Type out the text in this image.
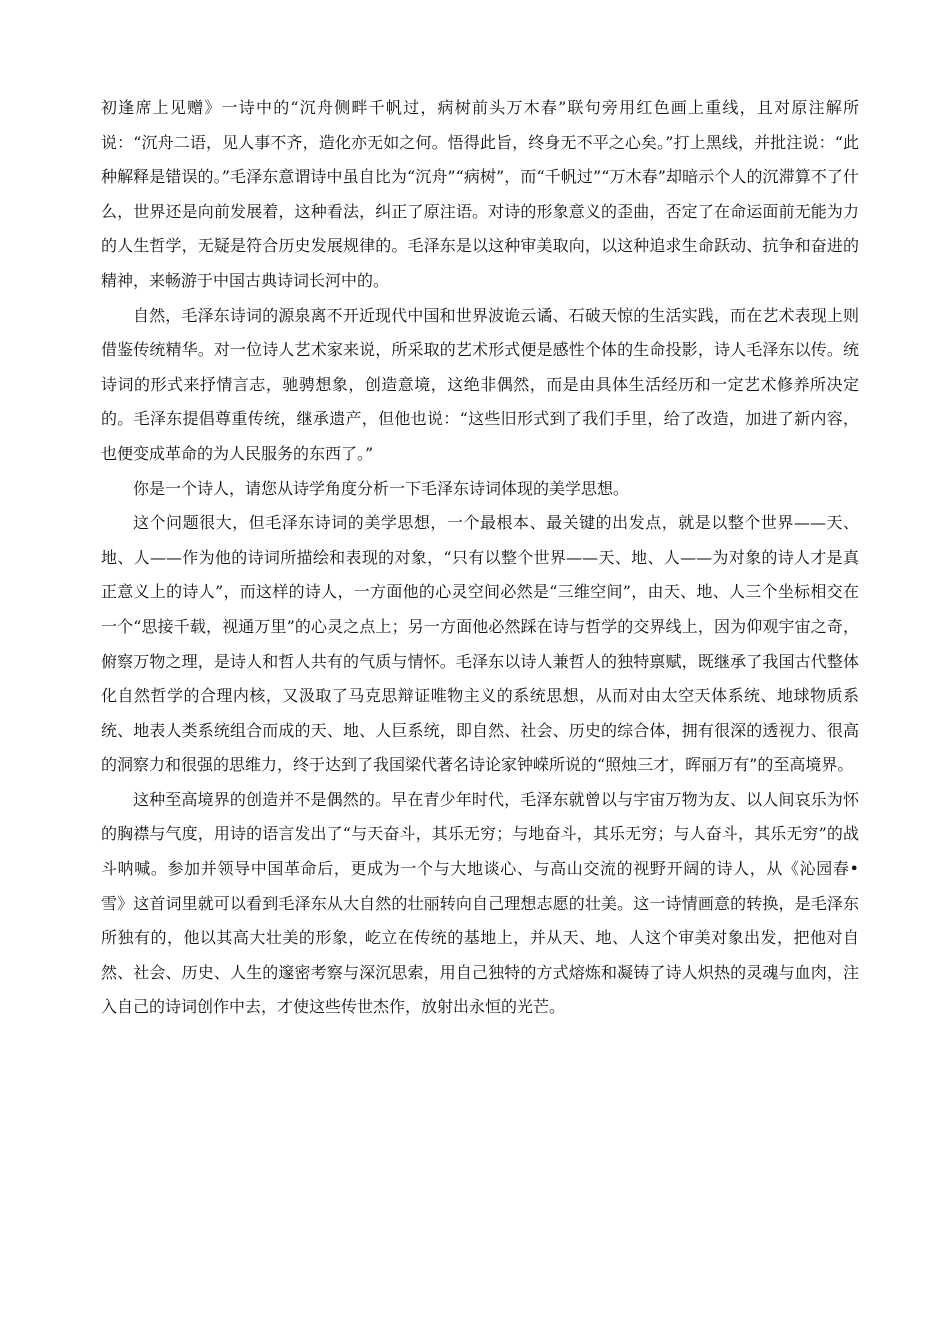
初逢席上见赠》一诗中的“沉舟侧畔千帆过，病树前头万木春”联句旁用红色画上重线，且对原注解所说：“沉舟二语，见人事不齐，造化亦无如之何。悟得此旨，终身无不平之心矣。”打上黑线，并批注说：“此种解释是错误的。”毛泽东意谓诗中虽自比为“沉舟”“病树”，而“千帆过”“万木春”却暗示个人的沉滞算不了什么，世界还是向前发展着，这种看法，纠正了原注语。对诗的形象意义的歪曲，否定了在命运面前无能为力的人生哲学，无疑是符合历史发展规律的。毛泽东是以这种审美取向，以这种追求生命跃动、抗争和奋进的精神，来畅游于中国古典诗词长河中的。

自然，毛泽东诗词的源泉离不开近现代中国和世界波诡云谲、石破天惊的生活实践，而在艺术表现上则借鉴传统精华。对一位诗人艺术家来说，所采取的艺术形式便是感性个体的生命投影，诗人毛泽东以传。统诗词的形式来抒情言志，驰骋想象，创造意境，这绝非偶然，而是由具体生活经历和一定艺术修养所决定的。毛泽东提倡尊重传统，继承遗产，但他也说：“这些旧形式到了我们手里，给了改造，加进了新内容，也便变成革命的为人民服务的东西了。”

你是一个诗人，请您从诗学角度分析一下毛泽东诗词体现的美学思想。

这个问题很大，但毛泽东诗词的美学思想，一个最根本、最关键的出发点，就是以整个世界——天、地、人——作为他的诗词所描绘和表现的对象，“只有以整个世界——天、地、人——为对象的诗人才是真正意义上的诗人”，而这样的诗人，一方面他的心灵空间必然是“三维空间”，由天、地、人三个坐标相交在一个“思接千载，视通万里”的心灵之点上；另一方面他必然踩在诗与哲学的交界线上，因为仰观宇宙之奇，俯察万物之理，是诗人和哲人共有的气质与情怀。毛泽东以诗人兼哲人的独特禀赋，既继承了我国古代整体化自然哲学的合理内核，又汲取了马克思辩证唯物主义的系统思想，从而对由太空天体系统、地球物质系统、地表人类系统组合而成的天、地、人巨系统，即自然、社会、历史的综合体，拥有很深的透视力、很高的洞察力和很强的思维力，终于达到了我国梁代著名诗论家钟嵘所说的“照烛三才，晖丽万有”的至高境界。

这种至高境界的创造并不是偶然的。早在青少年时代，毛泽东就曾以与宇宙万物为友、以人间哀乐为怀的胸襟与气度，用诗的语言发出了“与天奋斗，其乐无穷；与地奋斗，其乐无穷；与人奋斗，其乐无穷”的战斗呐喊。参加并领导中国革命后，更成为一个与大地谈心、与高山交流的视野开阔的诗人，从《沁园春• 雪》这首词里就可以看到毛泽东从大自然的壮丽转向自己理想志愿的壮美。这一诗情画意的转换，是毛泽东所独有的，他以其高大壮美的形象，屹立在传统的基地上，并从天、地、人这个审美对象出发，把他对自然、社会、历史、人生的邃密考察与深沉思索，用自己独特的方式熔炼和凝铸了诗人炽热的灵魂与血肉，注入自己的诗词创作中去，才使这些传世杰作，放射出永恒的光芒。
